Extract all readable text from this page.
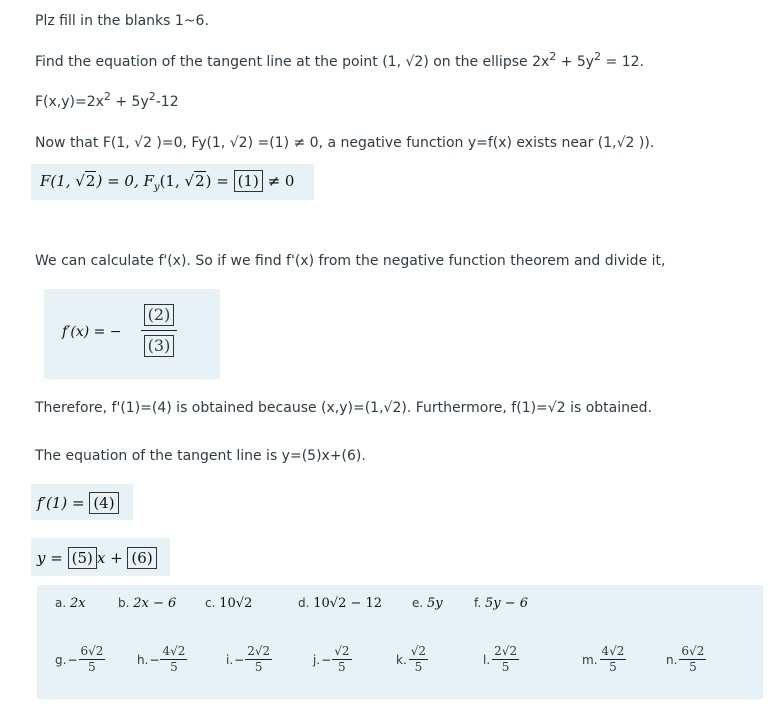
Plz fill in the blanks 1~6.
Find the equation of the tangent line at the point (1, √2) on the ellipse $2x^2 + 5y^2 = 12$.
$F(x,y)=2x^2 + 5y^2-12$
Now that F(1, √2 )=0, Fy(1, √2) =(1) ≠ 0, a negative function y=f(x) exists near (1,√2 )).
F(1, √2) = 0, $F_y(1$, √2) = (1) ≠ 0
We can calculate f'(x). So if we find f'(x) from the negative function theorem and divide it,
f′(x) = −
(2)
(3)
Therefore, f'(1)=(4) is obtained because (x,y)=(1,√2). Furthermore, f(1)=√2 is obtained.
The equation of the tangent line is y=(5)x+(6).
f′(1) = (4)
y = (5) x + (6)
a. 2x	b. 2x − 6 c. 10√2	d. 10√2 − 12 e. 5y	f. 5y − 6
g. − $\frac{6√2}{5}$	h. − $\frac{4√2}{5}$	i. − $\frac{2√2}{5}$	j. − $\frac{√2}{5}$	k. $\frac{√2}{5}$	l. $\frac{2√2}{5}$	m. $\frac{4√2}{5}$	n. $\frac{6√2}{5}$
